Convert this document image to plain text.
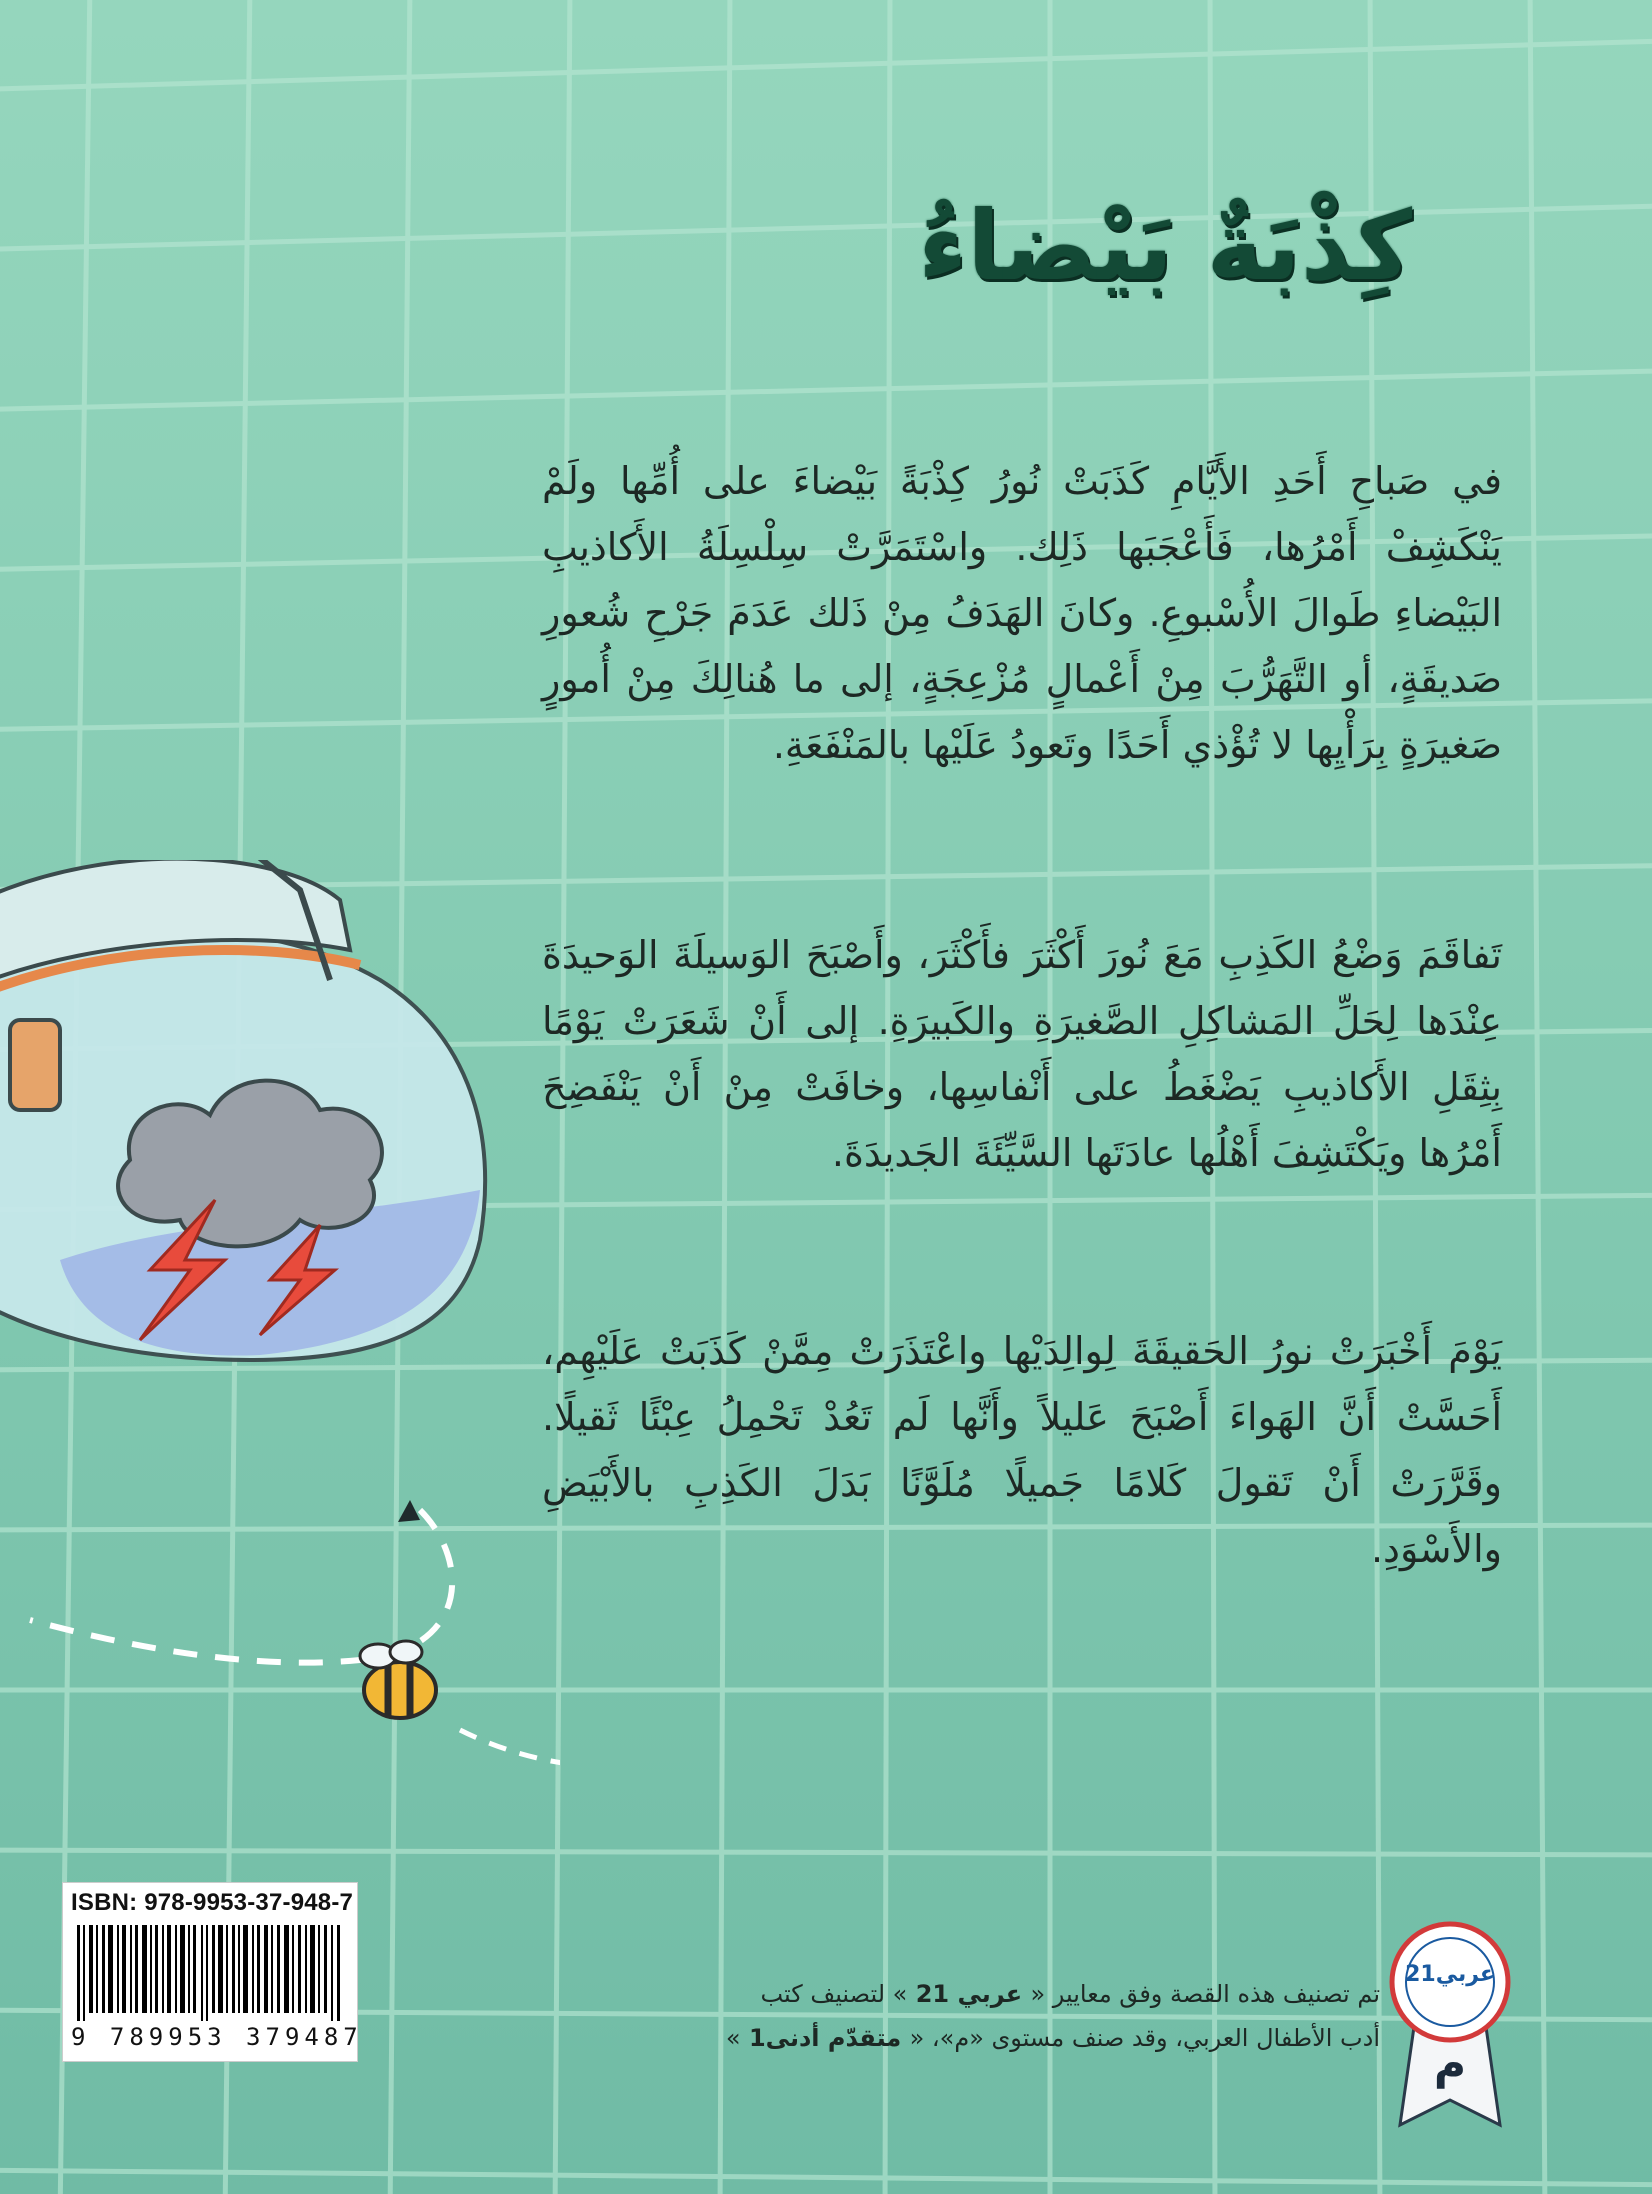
كِذْبَةٌ بَيْضاءُ
في صَباحِ أَحَدِ الأَيَّامِ كَذَبَتْ نُورُ كِذْبَةً بَيْضاءَ على أُمِّها ولَمْ يَنْكَشِفْ أَمْرُها، فَأَعْجَبَها ذَلِك. واسْتَمَرَّتْ سِلْسِلَةُ الأَكاذيبِ البَيْضاءِ طَوالَ الأُسْبوعِ. وكانَ الهَدَفُ مِنْ ذَلك عَدَمَ جَرْحِ شُعورِ صَديقَةٍ، أو التَّهَرُّبَ مِنْ أَعْمالٍ مُزْعِجَةٍ، إلى ما هُنالِكَ مِنْ أُمورٍ صَغيرَةٍ بِرَأْيِها لا تُؤْذي أَحَدًا وتَعودُ عَلَيْها بالمَنْفَعَةِ.
تَفاقَمَ وَضْعُ الكَذِبِ مَعَ نُورَ أَكْثَرَ فأَكْثَرَ، وأَصْبَحَ الوَسيلَةَ الوَحيدَةَ عِنْدَها لِحَلِّ المَشاكِلِ الصَّغيرَةِ والكَبيرَةِ. إلى أَنْ شَعَرَتْ يَوْمًا بِثِقَلِ الأَكاذيبِ يَضْغَطُ على أَنْفاسِها، وخافَتْ مِنْ أَنْ يَنْفَضِحَ أَمْرُها ويَكْتَشِفَ أَهْلُها عادَتَها السَّيِّئَةَ الجَديدَةَ.
يَوْمَ أَخْبَرَتْ نورُ الحَقيقَةَ لِوالِدَيْها واعْتَذَرَتْ مِمَّنْ كَذَبَتْ عَلَيْهِم، أَحَسَّتْ أَنَّ الهَواءَ أَصْبَحَ عَليلاً وأَنَّها لَم تَعُدْ تَحْمِلُ عِبْئًا ثَقيلًا. وقَرَّرَتْ أَنْ تَقولَ كَلامًا جَميلًا مُلَوَّنًا بَدَلَ الكَذِبِ بالأَبْيَضِ والأَسْوَدِ.
ISBN: 978-9953-37-948-7
9 789953 379487
تم تصنيف هذه القصة وفق معايير « عربي 21 » لتصنيف كتب
أدب الأطفال العربي، وقد صنف مستوى «م»، « متقدّم أدنى1 »
عربي21
م
